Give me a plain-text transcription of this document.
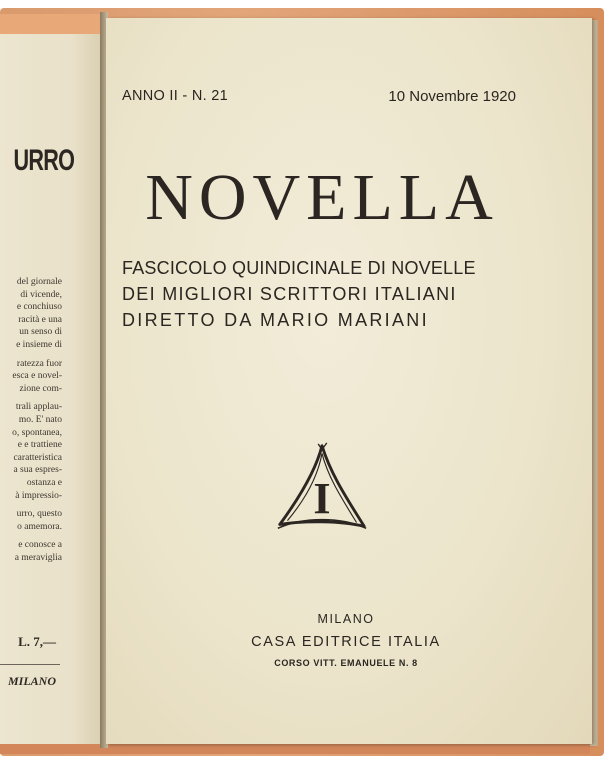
URRO
del giornale
di vicende,
e conchiuso
racità e una
un senso di
e insieme di
ratezza fuor
esca e novel-
zione com-
trali applau-
mo. E' nato
o, spontanea,
e e trattiene
caratteristica
a sua espres-
ostanza e
à impressio-
urro, questo
o amemora.
e conosce a
a meraviglia
L. 7,—
MILANO
ANNO II - N. 21	10 Novembre 1920
NOVELLA
FASCICOLO QUINDICINALE DI NOVELLE
DEI MIGLIORI SCRITTORI ITALIANI
DIRETTO DA MARIO MARIANI
I
MILANO
CASA EDITRICE ITALIA
CORSO VITT. EMANUELE N. 8
